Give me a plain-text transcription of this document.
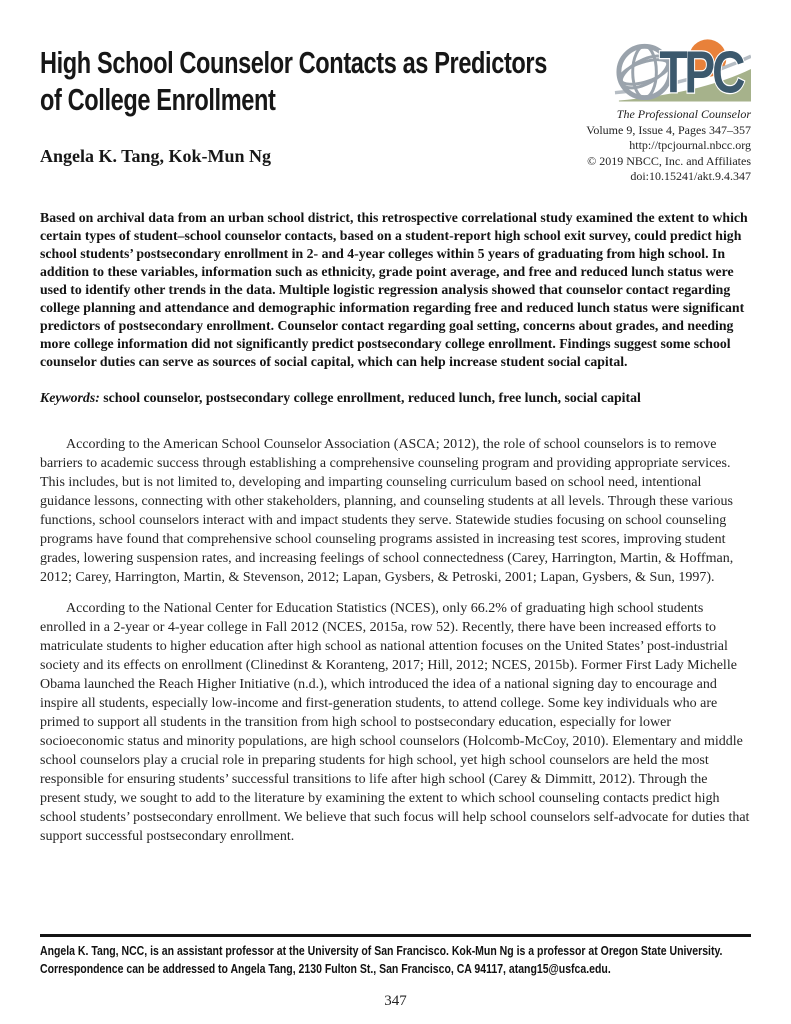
High School Counselor Contacts as Predictors
of College Enrollment
Angela K. Tang, Kok-Mun Ng
TPC
The Professional Counselor
Volume 9, Issue 4, Pages 347–357
http://tpcjournal.nbcc.org
© 2019 NBCC, Inc. and Affiliates
doi:10.15241/akt.9.4.347
Based on archival data from an urban school district, this retrospective correlational study examined the extent to which certain types of student–school counselor contacts, based on a student-report high school exit survey, could predict high school students’ postsecondary enrollment in 2- and 4-year colleges within 5 years of graduating from high school. In addition to these variables, information such as ethnicity, grade point average, and free and reduced lunch status were used to identify other trends in the data. Multiple logistic regression analysis showed that counselor contact regarding college planning and attendance and demographic information regarding free and reduced lunch status were significant predictors of postsecondary enrollment. Counselor contact regarding goal setting, concerns about grades, and needing more college information did not significantly predict postsecondary college enrollment. Findings suggest some school counselor duties can serve as sources of social capital, which can help increase student social capital.
Keywords: school counselor, postsecondary college enrollment, reduced lunch, free lunch, social capital

According to the American School Counselor Association (ASCA; 2012), the role of school counselors is to remove barriers to academic success through establishing a comprehensive counseling program and providing appropriate services. This includes, but is not limited to, developing and imparting counseling curriculum based on school need, intentional guidance lessons, connecting with other stakeholders, planning, and counseling students at all levels. Through these various functions, school counselors interact with and impact students they serve. Statewide studies focusing on school counseling programs have found that comprehensive school counseling programs assisted in increasing test scores, improving student grades, lowering suspension rates, and increasing feelings of school connectedness (Carey, Harrington, Martin, & Hoffman, 2012; Carey, Harrington, Martin, & Stevenson, 2012; Lapan, Gysbers, & Petroski, 2001; Lapan, Gysbers, & Sun, 1997).

According to the National Center for Education Statistics (NCES), only 66.2% of graduating high school students enrolled in a 2-year or 4-year college in Fall 2012 (NCES, 2015a, row 52). Recently, there have been increased efforts to matriculate students to higher education after high school as national attention focuses on the United States’ post-industrial society and its effects on enrollment (Clinedinst & Koranteng, 2017; Hill, 2012; NCES, 2015b). Former First Lady Michelle Obama launched the Reach Higher Initiative (n.d.), which introduced the idea of a national signing day to encourage and inspire all students, especially low-income and first-generation students, to attend college. Some key individuals who are primed to support all students in the transition from high school to postsecondary education, especially for lower socioeconomic status and minority populations, are high school counselors (Holcomb-McCoy, 2010). Elementary and middle school counselors play a crucial role in preparing students for high school, yet high school counselors are held the most responsible for ensuring students’ successful transitions to life after high school (Carey & Dimmitt, 2012). Through the present study, we sought to add to the literature by examining the extent to which school counseling contacts predict high school students’ postsecondary enrollment. We believe that such focus will help school counselors self-advocate for duties that support successful postsecondary enrollment.

Angela K. Tang, NCC, is an assistant professor at the University of San Francisco. Kok-Mun Ng is a professor at Oregon State University. Correspondence can be addressed to Angela Tang, 2130 Fulton St., San Francisco, CA 94117, atang15@usfca.edu.
347
